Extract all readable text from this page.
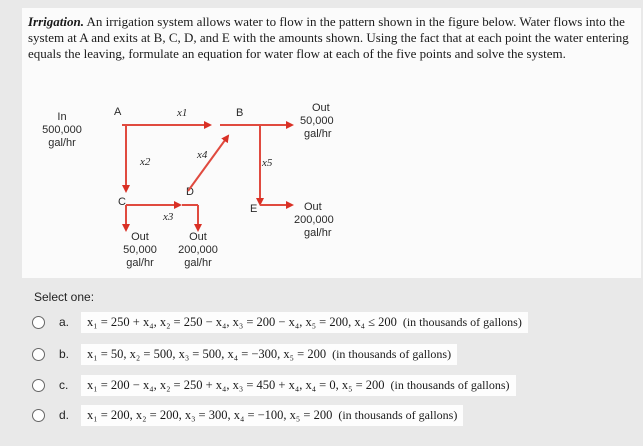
Irrigation. An irrigation system allows water to flow in the pattern shown in the figure below. Water flows into the system at A and exits at B, C, D, and E with the amounts shown. Using the fact that at each point the water entering equals the leaving, formulate an equation for water flow at each of the five points and solve the system.
In
500,000
gal/hr
A	B
C
D
E
x1
x2
x3
x4
x5
Out
50,000
gal/hr
Out
200,000
gal/hr
Out
50,000
gal/hr
Out
200,000
gal/hr
Select one:
a.	x₁ = 250 + x₄, x₂ = 250 − x₄, x₃ = 200 − x₄, x₅ = 200, x₄ ≤ 200 (in thousands of gallons)
b.	x₁ = 50, x₂ = 500, x₃ = 500, x₄ = −300, x₅ = 200 (in thousands of gallons)
c.	x₁ = 200 − x₄, x₂ = 250 + x₄, x₃ = 450 + x₄, x₄ = 0, x₅ = 200 (in thousands of gallons)
d.	x₁ = 200, x₂ = 200, x₃ = 300, x₄ = −100, x₅ = 200 (in thousands of gallons)
